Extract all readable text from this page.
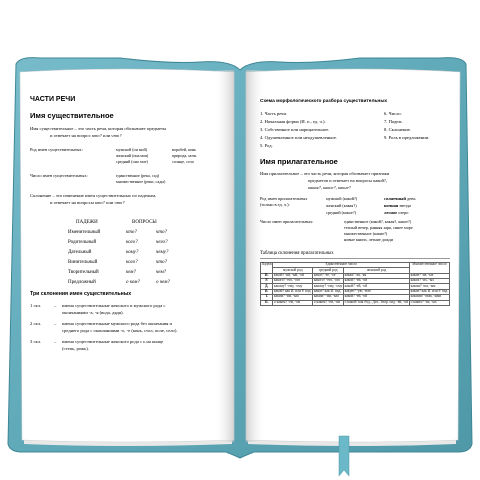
ЧАСТИ РЕЧИ
Имя существительное
Имя существительное – это часть речи, которая обозначает предметы
и отвечает на вопрос кто? или что?
Род имен существительных:	мужской (он мой)	воробей, конь
женский (она моя)	природа, ночь
средний (оно мое)	солнце, село
Число имен существительных:	единственное (река, сад)
множественное (реки, сады)
Склонение – это изменение имен существительных по падежам,
и отвечает на вопросы кто? или что?
ПАДЕЖИ	ВОПРОСЫ
Именительный	кто?	что?
Родительный	кого?	чего?
Дательный	кому?	чему?
Винительный	кого?	что?
Творительный	кем?	чем?
Предложный	о ком?	о чем?
Три склонения имен существительных
1 скл.	– имена существительные женского и мужского рода с
окончаниями -а, -я (вода, дядя).
2 скл.	– имена существительные мужского рода без окончания и
среднего рода с окончаниями -о, -е (конь, стол, поле, село).
3 скл.	– имена существительные женского рода с ь на конце
(степь, рожь).
Схема морфологического разбора существительных
1. Часть речи.
2. Начальная форма (И. п., ед. ч.).
3. Собственное или нарицательное.
4. Одушевленное или неодушевленное.
5. Род.
6. Число.
7. Падеж.
8. Склонение.
9. Роль в предложении.
Имя прилагательное
Имя прилагательное – это часть речи, которая обозначает признаки
предметов и отвечает на вопросы какой?,
какая?, какое?, какие?
Род имен прилагательных
(только в ед. ч.):
мужской (какой?)	солнечный день
женский (какая?)	ночная звезда
средний (какое?)	лесное озеро
Число имен прилагательных:	единственное (какой?, какая?, какое?)
теплый вечер, ранняя заря, синее море
множественное (какие?)
новые книги, летние дожди
Таблица склонения прилагательных
Падеж	Единственное число			Множественное число
	мужской род	средний род	женский род	
И.	какой? -ий, -ый, -ой	какое? -ее, -ое	какая? -ая, -яя	какие? -ие, -ые
Р.	какого? -его, -ого	какого? -его, -ого	какой? -ей, -ой	каких? -их, -ых
Д.	какому? -ему, -ому	какому? -ему, -ому	какой? -ей, -ой	каким? -им, -ым
В.	какой? как И. или Р. пад.	какое? как И. пад.	какую? -ую, -юю	какие? как И. или Р. пад.
Т.	каким? -им, -ым	каким? -им, -ым	какой? -ей, -ой	какими? -ими, -ыми
П.	о каком? -ем, -ом	о каком? -ем, -ом	о какой? как Род., Дат., Твор. пад. -ей, -ой	о каких? -их, -ых
